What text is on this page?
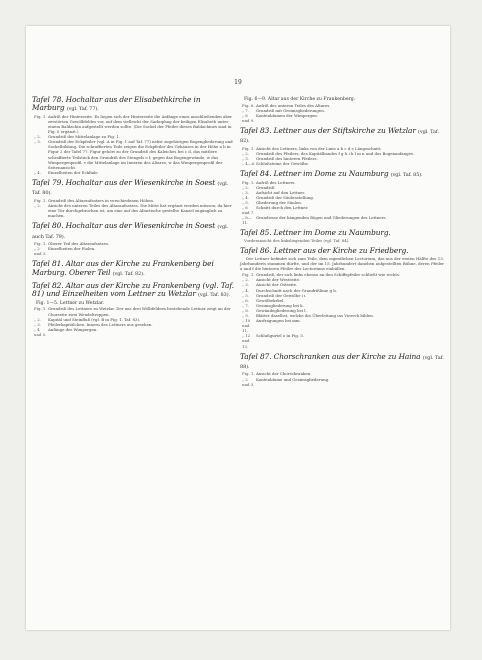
19
Tafel 78. Hochaltar aus der Elisabethkirche in Marburg (vgl. Taf. 77).
Fig. 1. Aufriß der Hinterseite. Es liegen sich der Hinterseite die Anfänge eines anschließenden aber zerstörten Gewölbfeldes vor, auf dem vielleicht der Sarkophag der heiligen Elisabeth unter einem Baldachin aufgestellt werden sollte. (Die Sockel der Pfeiler dieses Baldachines sind in Fig. 5 ergänzt.)
„ 2.	Grundriß der Mittelanlage zu Fig. 1.
„ 3.	Grundriß der Eckpfeiler (vgl. A in Fig. 1 auf Taf. 77) nebst zugehörigen Bogengliederung und Sockelbildung. Die schraffierten Teile zeigen die Eckpfeiler des Gehäuses in der Höhe a b in Figur 2 der Tafel 77. Figur gehört zu der Grundriß des Kaleiches bei c d, das mittlere schraffierte Teilstück den Grundriß des Stengels e f, gegen das Bogengewände, w das Wimpergenprofil, v die Mittelanlage im Inneren des Altares, w das Wimpergenprofil der Seitenansicht.
„ 4.	Einzelheiten der Eckfiale.
Tafel 79. Hochaltar aus der Wiesenkirche in Soest (vgl. Taf. 80).
Fig. 1. Grundriß des Altaraufsatzes in verschiedenen Höhen.
„ 2.	Ansicht des unteren Teiles des Altaraufsatzes. Die Mitte hat ergänzt werden müssen, da hier eine Tür durchgebrochen ist, um eine auf des Altartische gestellte Kanzel zugänglich zu machen.
Tafel 80. Hochaltar aus der Wiesenkirche in Soest (vgl. auch Taf. 79).
Fig. 1. Oberer Teil des Altaraufsatzes.
„ 2 und 3.
Einzelheiten der Fialen.
Tafel 81. Altar aus der Kirche zu Frankenberg bei Marburg. Oberer Teil (vgl. Taf. 82).
Tafel 82. Altar aus der Kirche zu Frankenberg (vgl. Taf. 81) und Einzelheiten vom Lettner zu Wetzlar (vgl. Taf. 83).
Fig. 1—5. Lettner zu Wetzlar.
Fig. 1. Grundriß des Lettners zu Wetzlar. Der aus drei Wölbfeldern bestehende Lettner zeigt an der Chorseite zwei Wendeltreppen.
„ 2.	Kapitäl und Steinfluß (vgl. B in Fig. 1, Taf. 83).
„ 3.	Pfeilerkapitälchen. Innern des Lettners aus gesehen.
„ 4 und 5.
Anfänge der Wimpergen.
Fig. 6—9. Altar aus der Kirche zu Frankenberg.
Fig. 6. Aufriß des unteren Teiles des Altares.
„ 7.	Grundriß mit Gesimsgliederungen.
„ 8 und 9.
Kantenblumen der Wimpergen.
Tafel 83. Lettner aus der Stiftskirche zu Wetzlar (vgl. Taf. 82).
Fig. 1. Ansicht des Lettners, links von der Linie a b c d e Längsschnitt.
„ 2.	Grundriß des Pfeilers, des Kapitälbandes f g h i k l m n und des Bogenanfanges.
„ 3.	Grundriß des hinteren Pfeilers.
„ 4—6. Schlußsteine der Gewölbe.
Tafel 84. Lettner im Dome zu Naumburg (vgl. Taf. 85).
Fig. 1. Aufriß des Lettners.
„ 2.	Grundriß.
„ 3.	Aufsicht auf den Lettner.
„ 4.	Grundriß der Säulenstellung.
„ 5.	Gliederung der Säulen.
„ 6 und 7.
Schnitt durch den Lettner.
„ 8—11.
Grundrisse der hängenden Bögen und Gliederungen des Lettners.
Tafel 85. Lettner im Dome zu Naumburg.
Vorderansicht des linksliegenden Teiles (vgl. Taf. 84).
Tafel 86. Lettner aus der Kirche zu Friedberg.
Der Lettner befindet sich zum Teile, dem eigentlichen Lectorium, das aus der ersten Hälfte des 13. Jahrhunderts stammen dürfte, und der im 15. Jahrhundert daneben aufgestellten Bühne, deren Pfeiler a und f die hinteren Pfeiler des Lectoriums einhüllen.
Fig. 1. Grundriß, der sich links ebenso an den Schiffspfeiler schließt wie rechts.
„ 2.	Ansicht der Westseite.
„ 3.	Ansicht der Ostseite.
„ 4.	Durchschnitt nach der Grundrißlinie g h.
„ 5.	Grundriß der Gewölbe i i.
„ 6.	Gewölbekrbel.
„ 7.	Gesimsgliederung bei k.
„ 8.	Gewändegliederung bei l.
„ 9.	Blätter daselbst, welche die Überleitung ins Viereck bilden.
„ 10 und 11.
Ansfragungen bei mm.
„ 12 und 13.
Schlußgurtel o in Fig. 5.
Tafel 87. Chorschranken aus der Kirche zu Haina (vgl. Taf. 88).
Fig. 1. Ansicht der Chorschranken.
„ 2 und 3.
Kantenblume und Gesimsgliederung.
